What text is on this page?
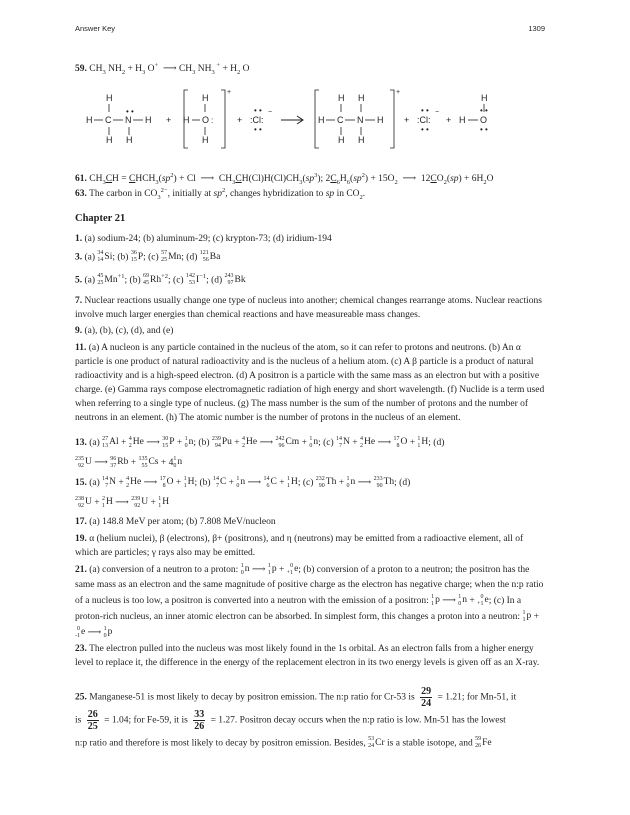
Answer Key	1309
59. $CH_3$ $NH_2 + H_3$ O+  ⟶ $CH_3$ $NH_3$ $^+ + H_2$ O
H
H C N
• •
H
H H
+
H
H O :
H
+
+ :Cl:
• •
• •
−
H H
H C N H
H H
+
+ :Cl:
• •
• •
−
+
H
H O
• •
• •
61. $CH_3CH$ = $CHCH_3(sp^2) + Cl$  ⟶  $CH_3CH(Cl)H(Cl)CH_3(sp^3)$; $2C_6H_6(sp^2) + 15O_2$  ⟶  $12CO_2(sp) + 6H_2O$
63. The carbon in $CO_3^{2-}$, initially at $sp^2$, changes hybridization to sp in $CO_2$.
Chapter 21
1. (a) sodium-24; (b) aluminum-29; (c) krypton-73; (d) iridium-194
3. (a) 34
14 Si; (b) 36
15 P; (c) 57
25 Mn; (d) 121
56 Ba
5. (a) 45
25 $Mn^{+1}$; (b) 69
45 $Rh^{+2}$; (c) 142
53 $I^{-1}$; (d) 243
97 Bk
7. Nuclear reactions usually change one type of nucleus into another; chemical changes rearrange atoms. Nuclear reactions involve much larger energies than chemical reactions and have measureable mass changes.
9. (a), (b), (c), (d), and (e)
11. (a) A nucleon is any particle contained in the nucleus of the atom, so it can refer to protons and neutrons. (b) An α particle is one product of natural radioactivity and is the nucleus of a helium atom. (c) A β particle is a product of natural radioactivity and is a high-speed electron. (d) A positron is a particle with the same mass as an electron but with a positive charge. (e) Gamma rays compose electromagnetic radiation of high energy and short wavelength. (f) Nuclide is a term used when referring to a single type of nucleus. (g) The mass number is the sum of the number of protons and the number of neutrons in an element. (h) The atomic number is the number of protons in the nucleus of an element.
13. (a) 27
13 Al + 4
2 He ⟶ 30
15 P + 1
0 n; (b) 239
94 Pu + 4
2 He ⟶ 242
96 Cm + 1
0 n; (c) 14
7 N + 4
2 He ⟶ 17
8 O + 1
1 H; (d)

235
92 U ⟶ 96
37 Rb + 135
55 Cs + 4 1
0 n
15. (a) 14
7 N + 4
2 He ⟶ 17
8 O + 1
1 H; (b) 14
7 C + 1
0 n ⟶ 14
6 C + 1
1 H; (c) 232
90 Th + 1
0 n ⟶ 233
90 Th; (d)

238
92 U + 2
1 H ⟶ 239
92 U + 1
1 H
17. (a) 148.8 MeV per atom; (b) 7.808 MeV/nucleon
19. α (helium nuclei), β (electrons), β+ (positrons), and η (neutrons) may be emitted from a radioactive element, all of which are particles; γ rays also may be emitted.
21. (a) conversion of a neutron to a proton: 1
0 n ⟶ 1
1 p + 0
+1 e; (b) conversion of a proton to a neutron; the positron has the same mass as an electron and the same magnitude of positive charge as the electron has negative charge; when the n:p ratio of a nucleus is too low, a positron is converted into a neutron with the emission of a positron: 1
1 p ⟶ 1
0 n + 0
+1 e; (c) In a proton-rich nucleus, an inner atomic electron can be absorbed. In simplest form, this changes a proton into a neutron: 1
1 p +
0
-1 e ⟶ 1
0 p
23. The electron pulled into the nucleus was most likely found in the 1s orbital. As an electron falls from a higher energy level to replace it, the difference in the energy of the replacement electron in its two energy levels is given off as an X-ray.
25. Manganese-51 is most likely to decay by positron emission. The n:p ratio for Cr-53 is $\frac{29}{24} = 1.21$; for Mn-51, it
is $\frac{26}{25} = 1.04$; for Fe-59, it is $\frac{33}{26} = 1.27$. Positron decay occurs when the n:p ratio is low. Mn-51 has the lowest
n:p ratio and therefore is most likely to decay by positron emission. Besides, 53
24 Cr is a stable isotope, and 59
26 Fe
